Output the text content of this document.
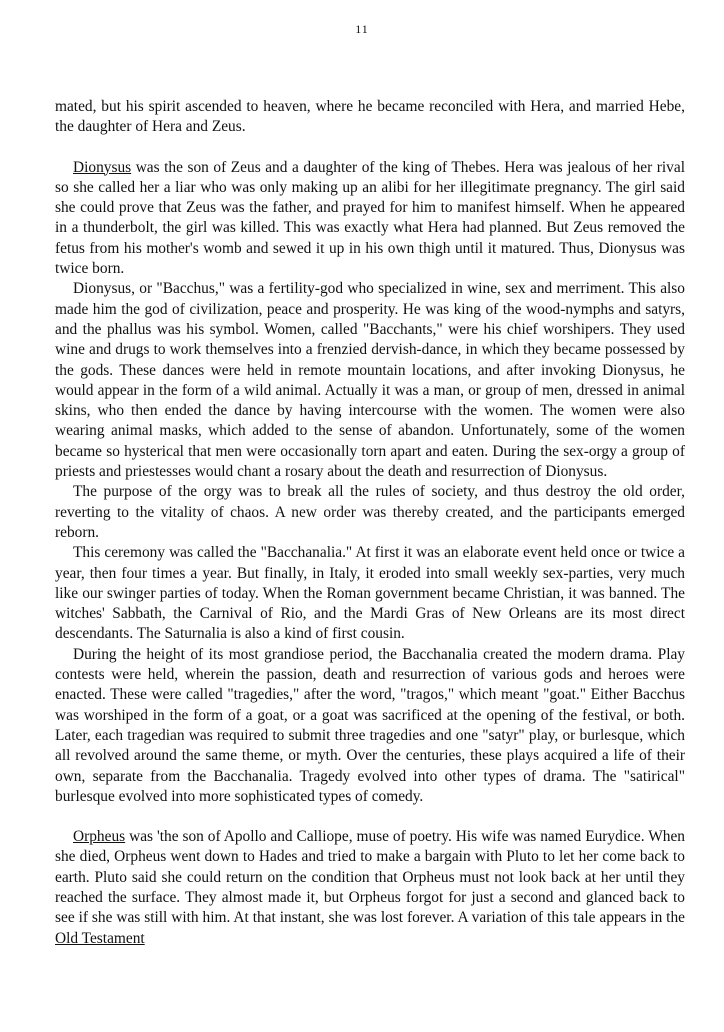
11

mated, but his spirit ascended to heaven, where he became reconciled with Hera, and married Hebe, the daughter of Hera and Zeus.

Dionysus was the son of Zeus and a daughter of the king of Thebes. Hera was jealous of her rival so she called her a liar who was only making up an alibi for her illegitimate pregnancy. The girl said she could prove that Zeus was the father, and prayed for him to manifest himself. When he appeared in a thunderbolt, the girl was killed. This was exactly what Hera had planned. But Zeus removed the fetus from his mother's womb and sewed it up in his own thigh until it matured. Thus, Dionysus was twice born.

Dionysus, or "Bacchus," was a fertility-god who specialized in wine, sex and merriment. This also made him the god of civilization, peace and prosperity. He was king of the wood-nymphs and satyrs, and the phallus was his symbol. Women, called "Bacchants," were his chief worshipers. They used wine and drugs to work themselves into a frenzied dervish-dance, in which they became possessed by the gods. These dances were held in remote mountain locations, and after invoking Dionysus, he would appear in the form of a wild animal. Actually it was a man, or group of men, dressed in animal skins, who then ended the dance by having intercourse with the women. The women were also wearing animal masks, which added to the sense of abandon. Unfortunately, some of the women became so hysterical that men were occasionally torn apart and eaten. During the sex-orgy a group of priests and priestesses would chant a rosary about the death and resurrection of Dionysus.

The purpose of the orgy was to break all the rules of society, and thus destroy the old order, reverting to the vitality of chaos. A new order was thereby created, and the participants emerged reborn.

This ceremony was called the "Bacchanalia." At first it was an elaborate event held once or twice a year, then four times a year. But finally, in Italy, it eroded into small weekly sex-parties, very much like our swinger parties of today. When the Roman government became Christian, it was banned. The witches' Sabbath, the Carnival of Rio, and the Mardi Gras of New Orleans are its most direct descendants. The Saturnalia is also a kind of first cousin.

During the height of its most grandiose period, the Bacchanalia created the modern drama. Play contests were held, wherein the passion, death and resurrection of various gods and heroes were enacted. These were called "tragedies," after the word, "tragos," which meant "goat." Either Bacchus was worshiped in the form of a goat, or a goat was sacrificed at the opening of the festival, or both. Later, each tragedian was required to submit three tragedies and one "satyr" play, or burlesque, which all revolved around the same theme, or myth. Over the centuries, these plays acquired a life of their own, separate from the Bacchanalia. Tragedy evolved into other types of drama. The "satirical" burlesque evolved into more sophisticated types of comedy.

Orpheus was 'the son of Apollo and Calliope, muse of poetry. His wife was named Eurydice. When she died, Orpheus went down to Hades and tried to make a bargain with Pluto to let her come back to earth. Pluto said she could return on the condition that Orpheus must not look back at her until they reached the surface. They almost made it, but Orpheus forgot for just a second and glanced back to see if she was still with him. At that instant, she was lost forever. A variation of this tale appears in the Old Testament
